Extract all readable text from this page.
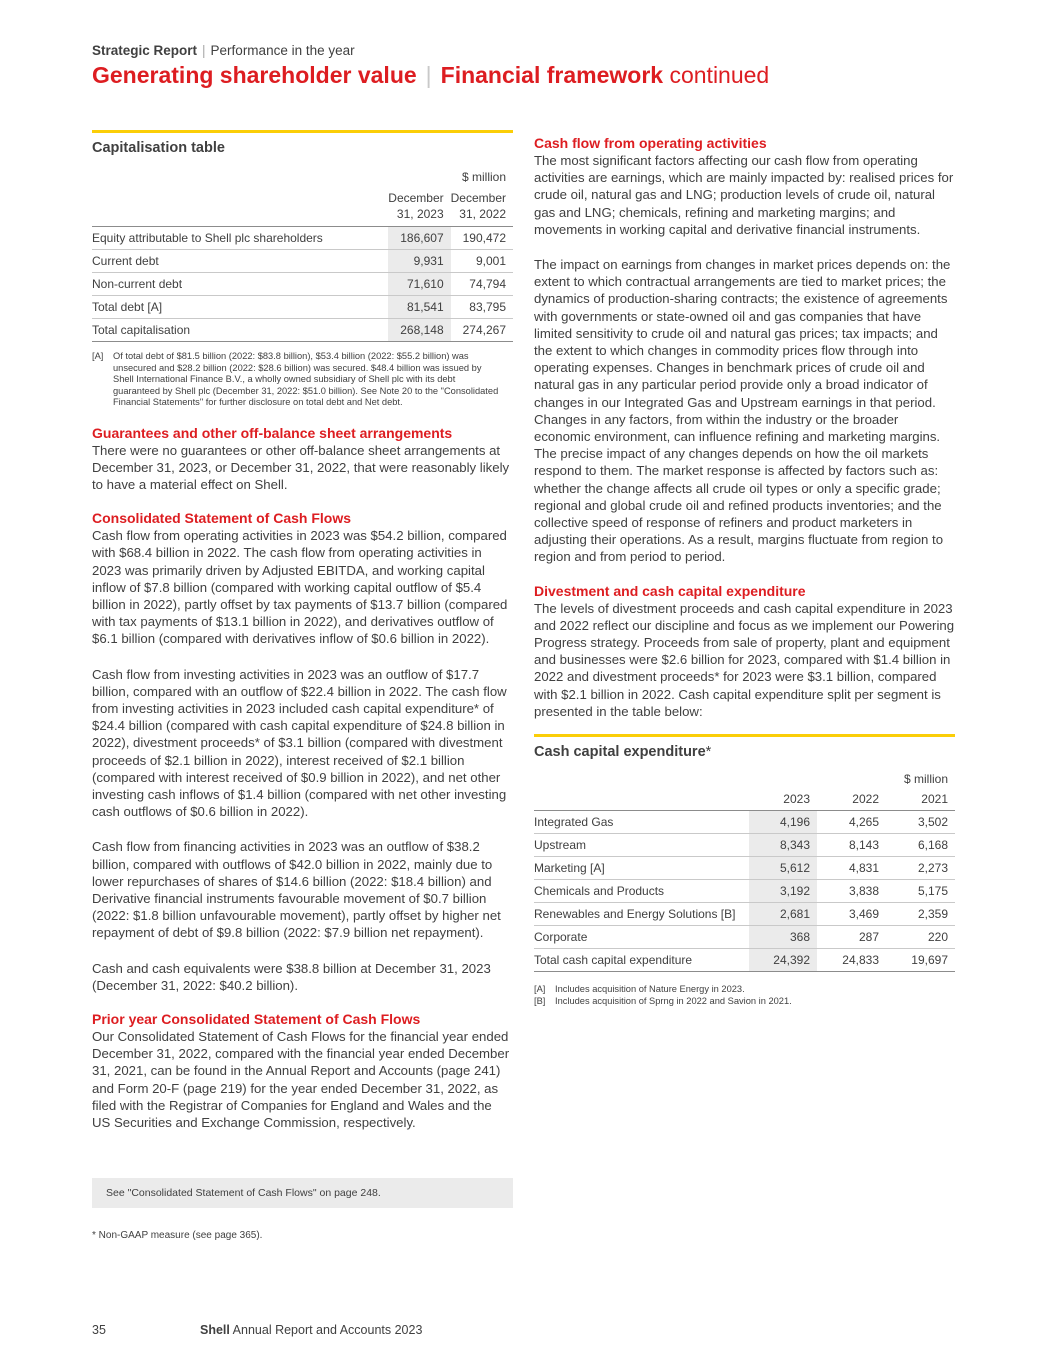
Strategic Report | Performance in the year
Generating shareholder value | Financial framework continued
Capitalisation table
		$ million
	December
31, 2023	December
31, 2022
Equity attributable to Shell plc shareholders	186,607	190,472
Current debt	9,931	9,001
Non-current debt	71,610	74,794
Total debt [A]	81,541	83,795
Total capitalisation	268,148	274,267
[A]	Of total debt of $81.5 billion (2022: $83.8 billion), $53.4 billion (2022: $55.2 billion) was unsecured and $28.2 billion (2022: $28.6 billion) was secured. $48.4 billion was issued by Shell International Finance B.V., a wholly owned subsidiary of Shell plc with its debt guaranteed by Shell plc (December 31, 2022: $51.0 billion). See Note 20 to the "Consolidated Financial Statements" for further disclosure on total debt and Net debt.

Guarantees and other off-balance sheet arrangements

There were no guarantees or other off-balance sheet arrangements at December 31, 2023, or December 31, 2022, that were reasonably likely to have a material effect on Shell.

Consolidated Statement of Cash Flows

Cash flow from operating activities in 2023 was $54.2 billion, compared with $68.4 billion in 2022. The cash flow from operating activities in 2023 was primarily driven by Adjusted EBITDA, and working capital inflow of $7.8 billion (compared with working capital outflow of $5.4 billion in 2022), partly offset by tax payments of $13.7 billion (compared with tax payments of $13.1 billion in 2022), and derivatives outflow of $6.1 billion (compared with derivatives inflow of $0.6 billion in 2022).

Cash flow from investing activities in 2023 was an outflow of $17.7 billion, compared with an outflow of $22.4 billion in 2022. The cash flow from investing activities in 2023 included cash capital expenditure* of $24.4 billion (compared with cash capital expenditure of $24.8 billion in 2022), divestment proceeds* of $3.1 billion (compared with divestment proceeds of $2.1 billion in 2022), interest received of $2.1 billion (compared with interest received of $0.9 billion in 2022), and net other investing cash inflows of $1.4 billion (compared with net other investing cash outflows of $0.6 billion in 2022).

Cash flow from financing activities in 2023 was an outflow of $38.2 billion, compared with outflows of $42.0 billion in 2022, mainly due to lower repurchases of shares of $14.6 billion (2022: $18.4 billion) and Derivative financial instruments favourable movement of $0.7 billion (2022: $1.8 billion unfavourable movement), partly offset by higher net repayment of debt of $9.8 billion (2022: $7.9 billion net repayment).

Cash and cash equivalents were $38.8 billion at December 31, 2023 (December 31, 2022: $40.2 billion).

Prior year Consolidated Statement of Cash Flows

Our Consolidated Statement of Cash Flows for the financial year ended December 31, 2022, compared with the financial year ended December 31, 2021, can be found in the Annual Report and Accounts (page 241) and Form 20-F (page 219) for the year ended December 31, 2022, as filed with the Registrar of Companies for England and Wales and the US Securities and Exchange Commission, respectively.

See "Consolidated Statement of Cash Flows" on page 248.
* Non-GAAP measure (see page 365).

Cash flow from operating activities

The most significant factors affecting our cash flow from operating activities are earnings, which are mainly impacted by: realised prices for crude oil, natural gas and LNG; production levels of crude oil, natural gas and LNG; chemicals, refining and marketing margins; and movements in working capital and derivative financial instruments.

The impact on earnings from changes in market prices depends on: the extent to which contractual arrangements are tied to market prices; the dynamics of production-sharing contracts; the existence of agreements with governments or state-owned oil and gas companies that have limited sensitivity to crude oil and natural gas prices; tax impacts; and the extent to which changes in commodity prices flow through into operating expenses. Changes in benchmark prices of crude oil and natural gas in any particular period provide only a broad indicator of changes in our Integrated Gas and Upstream earnings in that period. Changes in any factors, from within the industry or the broader economic environment, can influence refining and marketing margins. The precise impact of any changes depends on how the oil markets respond to them. The market response is affected by factors such as: whether the change affects all crude oil types or only a specific grade; regional and global crude oil and refined products inventories; and the collective speed of response of refiners and product marketers in adjusting their operations. As a result, margins fluctuate from region to region and from period to period.

Divestment and cash capital expenditure

The levels of divestment proceeds and cash capital expenditure in 2023 and 2022 reflect our discipline and focus as we implement our Powering Progress strategy. Proceeds from sale of property, plant and equipment and businesses were $2.6 billion for 2023, compared with $1.4 billion in 2022 and divestment proceeds* for 2023 were $3.1 billion, compared with $2.1 billion in 2022. Cash capital expenditure split per segment is presented in the table below:

Cash capital expenditure*
			$ million
	2023	2022	2021
Integrated Gas	4,196	4,265	3,502
Upstream	8,343	8,143	6,168
Marketing [A]	5,612	4,831	2,273
Chemicals and Products	3,192	3,838	5,175
Renewables and Energy Solutions [B]	2,681	3,469	2,359
Corporate	368	287	220
Total cash capital expenditure	24,392	24,833	19,697
[A]	Includes acquisition of Nature Energy in 2023.
[B]	Includes acquisition of Sprng in 2022 and Savion in 2021.
35	Shell Annual Report and Accounts 2023
